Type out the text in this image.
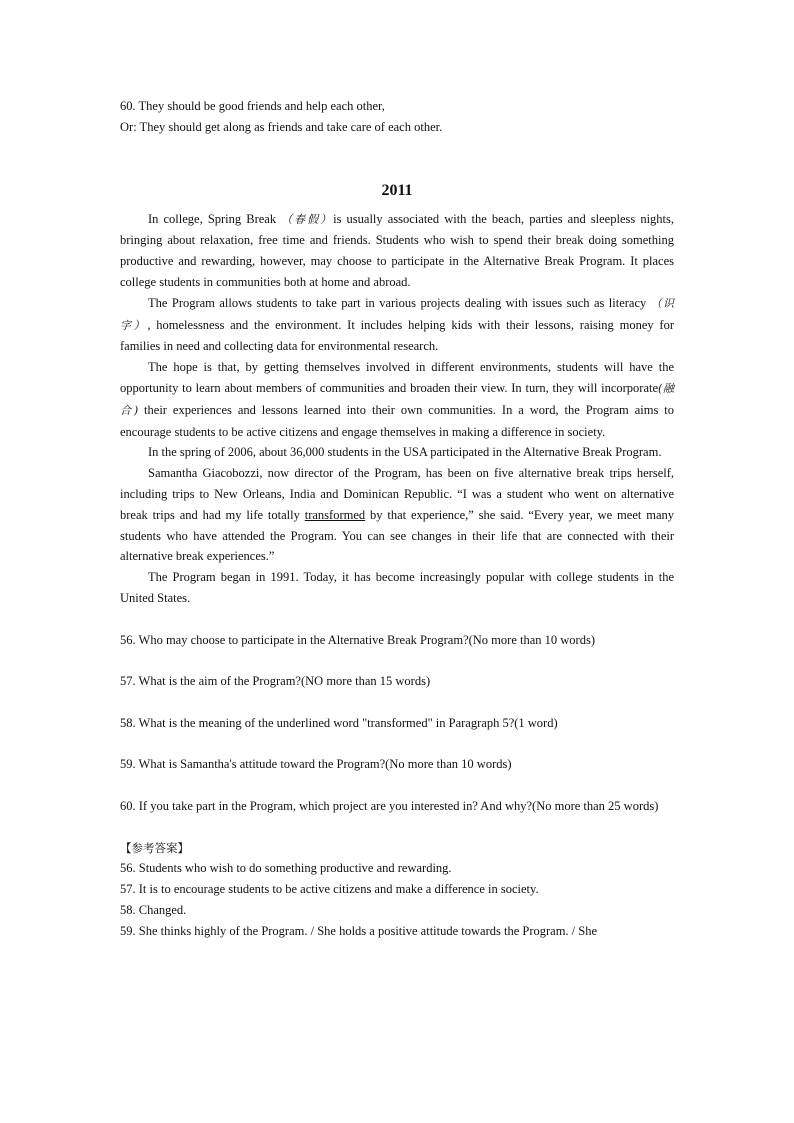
60. They should be good friends and help each other,

Or: They should get along as friends and take care of each other.

2011

In college, Spring Break （春假）is usually associated with the beach, parties and sleepless nights, bringing about relaxation, free time and friends. Students who wish to spend their break doing something productive and rewarding, however, may choose to participate in the Alternative Break Program. It places college students in communities both at home and abroad.

The Program allows students to take part in various projects dealing with issues such as literacy （识字）, homelessness and the environment. It includes helping kids with their lessons, raising money for families in need and collecting data for environmental research.

The hope is that, by getting themselves involved in different environments, students will have the opportunity to learn about members of communities and broaden their view. In turn, they will incorporate(融合) their experiences and lessons learned into their own communities. In a word, the Program aims to encourage students to be active citizens and engage themselves in making a difference in society.

In the spring of 2006, about 36,000 students in the USA participated in the Alternative Break Program.

Samantha Giacobozzi, now director of the Program, has been on five alternative break trips herself, including trips to New Orleans, India and Dominican Republic. “I was a student who went on alternative break trips and had my life totally transformed by that experience,” she said. “Every year, we meet many students who have attended the Program. You can see changes in their life that are connected with their alternative break experiences.”

The Program began in 1991. Today, it has become increasingly popular with college students in the United States.

56. Who may choose to participate in the Alternative Break Program?(No more than 10 words)

57. What is the aim of the Program?(NO more than 15 words)

58. What is the meaning of the underlined word "transformed" in Paragraph 5?(1 word)

59. What is Samantha's attitude toward the Program?(No more than 10 words)

60. If you take part in the Program, which project are you interested in? And why?(No more than 25 words)

【参考答案】

56. Students who wish to do something productive and rewarding.

57. It is to encourage students to be active citizens and make a difference in society.

58. Changed.

59. She thinks highly of the Program. / She holds a positive attitude towards the Program. / She
